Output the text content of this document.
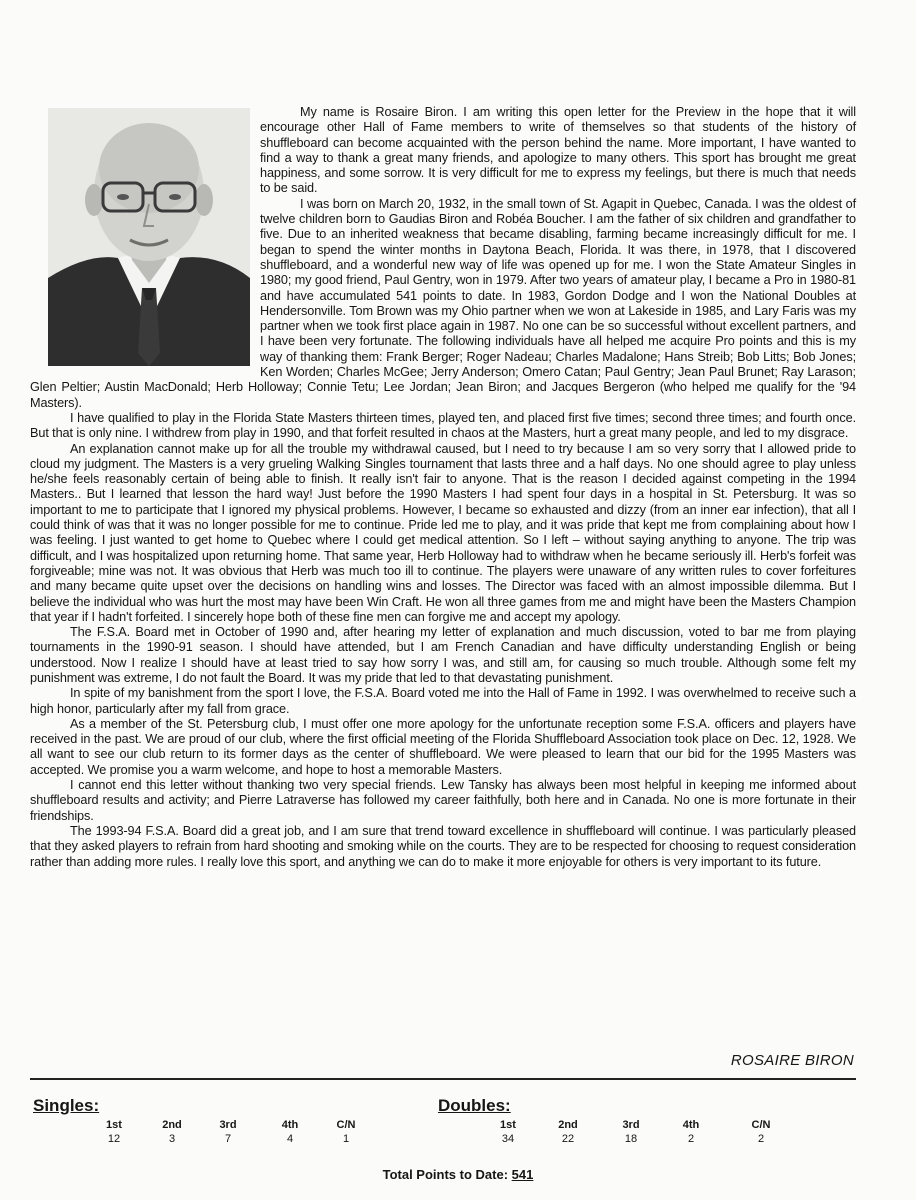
My name is Rosaire Biron. I am writing this open letter for the Preview in the hope that it will encourage other Hall of Fame members to write of themselves so that students of the history of shuffleboard can become acquainted with the person behind the name. More important, I have wanted to find a way to thank a great many friends, and apologize to many others. This sport has brought me great happiness, and some sorrow. It is very difficult for me to express my feelings, but there is much that needs to be said.

I was born on March 20, 1932, in the small town of St. Agapit in Quebec, Canada. I was the oldest of twelve children born to Gaudias Biron and Robéa Boucher. I am the father of six children and grandfather to five. Due to an inherited weakness that became disabling, farming became increasingly difficult for me. I began to spend the winter months in Daytona Beach, Florida. It was there, in 1978, that I discovered shuffleboard, and a wonderful new way of life was opened up for me. I won the State Amateur Singles in 1980; my good friend, Paul Gentry, won in 1979. After two years of amateur play, I became a Pro in 1980-81 and have accumulated 541 points to date. In 1983, Gordon Dodge and I won the National Doubles at Hendersonville. Tom Brown was my Ohio partner when we won at Lakeside in 1985, and Lary Faris was my partner when we took first place again in 1987. No one can be so successful without excellent partners, and I have been very fortunate. The following individuals have all helped me acquire Pro points and this is my way of thanking them: Frank Berger; Roger Nadeau; Charles Madalone; Hans Streib; Bob Litts; Bob Jones; Ken Worden; Charles McGee; Jerry Anderson; Omero Catan; Paul Gentry; Jean Paul Brunet; Ray Larason; Glen Peltier; Austin MacDonald; Herb Holloway; Connie Tetu; Lee Jordan; Jean Biron; and Jacques Bergeron (who helped me qualify for the '94 Masters).

I have qualified to play in the Florida State Masters thirteen times, played ten, and placed first five times; second three times; and fourth once. But that is only nine. I withdrew from play in 1990, and that forfeit resulted in chaos at the Masters, hurt a great many people, and led to my disgrace.

An explanation cannot make up for all the trouble my withdrawal caused, but I need to try because I am so very sorry that I allowed pride to cloud my judgment. The Masters is a very grueling Walking Singles tournament that lasts three and a half days. No one should agree to play unless he/she feels reasonably certain of being able to finish. It really isn't fair to anyone. That is the reason I decided against competing in the 1994 Masters.. But I learned that lesson the hard way! Just before the 1990 Masters I had spent four days in a hospital in St. Petersburg. It was so important to me to participate that I ignored my physical problems. However, I became so exhausted and dizzy (from an inner ear infection), that all I could think of was that it was no longer possible for me to continue. Pride led me to play, and it was pride that kept me from complaining about how I was feeling. I just wanted to get home to Quebec where I could get medical attention. So I left – without saying anything to anyone. The trip was difficult, and I was hospitalized upon returning home. That same year, Herb Holloway had to withdraw when he became seriously ill. Herb's forfeit was forgiveable; mine was not. It was obvious that Herb was much too ill to continue. The players were unaware of any written rules to cover forfeitures and many became quite upset over the decisions on handling wins and losses. The Director was faced with an almost impossible dilemma. But I believe the individual who was hurt the most may have been Win Craft. He won all three games from me and might have been the Masters Champion that year if I hadn't forfeited. I sincerely hope both of these fine men can forgive me and accept my apology.

The F.S.A. Board met in October of 1990 and, after hearing my letter of explanation and much discussion, voted to bar me from playing tournaments in the 1990-91 season. I should have attended, but I am French Canadian and have difficulty understanding English or being understood. Now I realize I should have at least tried to say how sorry I was, and still am, for causing so much trouble. Although some felt my punishment was extreme, I do not fault the Board. It was my pride that led to that devastating punishment.

In spite of my banishment from the sport I love, the F.S.A. Board voted me into the Hall of Fame in 1992. I was overwhelmed to receive such a high honor, particularly after my fall from grace.

As a member of the St. Petersburg club, I must offer one more apology for the unfortunate reception some F.S.A. officers and players have received in the past. We are proud of our club, where the first official meeting of the Florida Shuffleboard Association took place on Dec. 12, 1928. We all want to see our club return to its former days as the center of shuffleboard. We were pleased to learn that our bid for the 1995 Masters was accepted. We promise you a warm welcome, and hope to host a memorable Masters.

I cannot end this letter without thanking two very special friends. Lew Tansky has always been most helpful in keeping me informed about shuffleboard results and activity; and Pierre Latraverse has followed my career faithfully, both here and in Canada. No one is more fortunate in their friendships.

The 1993-94 F.S.A. Board did a great job, and I am sure that trend toward excellence in shuffleboard will continue. I was particularly pleased that they asked players to refrain from hard shooting and smoking while on the courts. They are to be respected for choosing to request consideration rather than adding more rules. I really love this sport, and anything we can do to make it more enjoyable for others is very important to its future.

ROSAIRE BIRON
Singles:	Doubles:
1st
12
2nd
3
3rd
7
4th
4
C/N
1
1st
34
2nd
22
3rd
18
4th
2
C/N
2
Total Points to Date: 541
